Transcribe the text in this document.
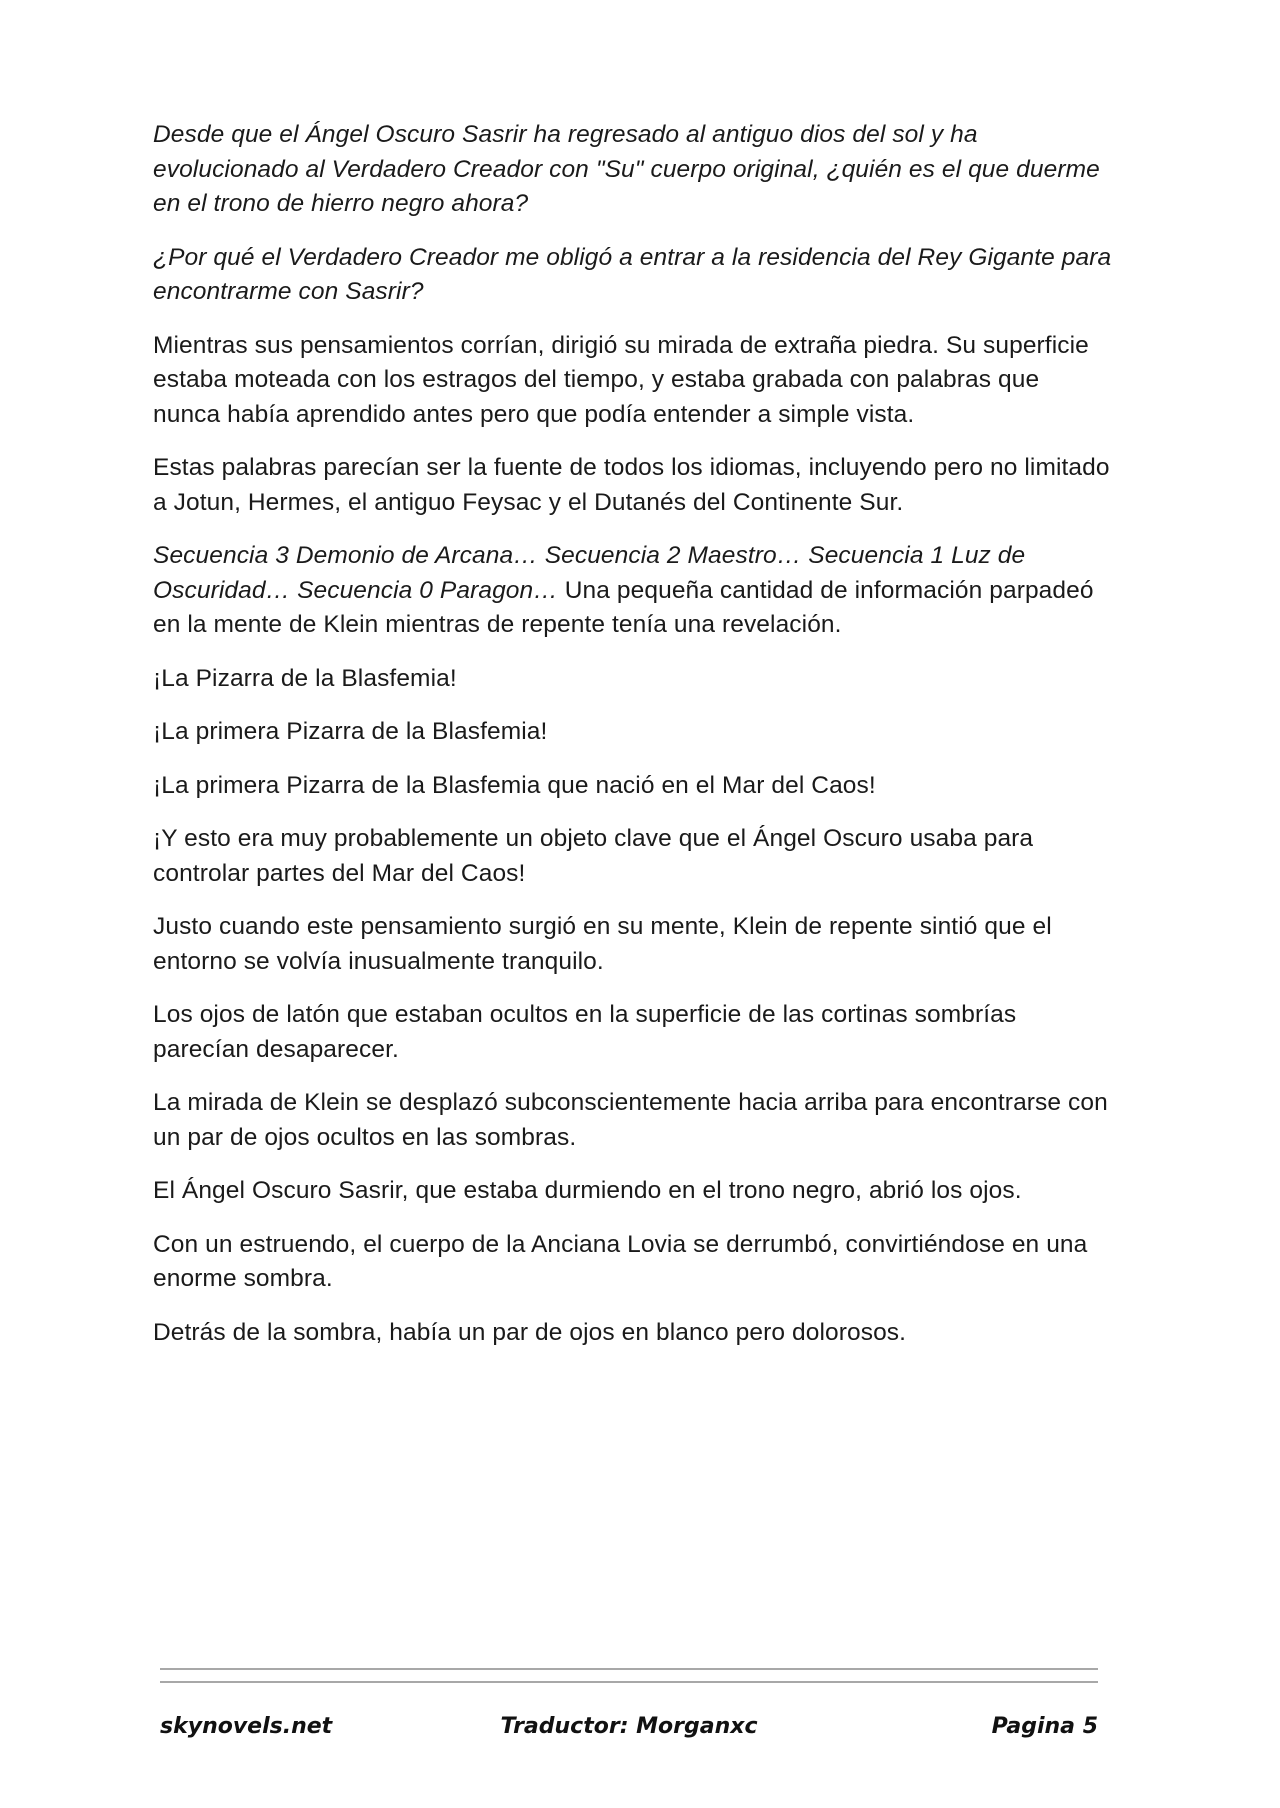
Desde que el Ángel Oscuro Sasrir ha regresado al antiguo dios del sol y ha evolucionado al Verdadero Creador con "Su" cuerpo original, ¿quién es el que duerme en el trono de hierro negro ahora?

¿Por qué el Verdadero Creador me obligó a entrar a la residencia del Rey Gigante para encontrarme con Sasrir?

Mientras sus pensamientos corrían, dirigió su mirada de extraña piedra. Su superficie estaba moteada con los estragos del tiempo, y estaba grabada con palabras que nunca había aprendido antes pero que podía entender a simple vista.

Estas palabras parecían ser la fuente de todos los idiomas, incluyendo pero no limitado a Jotun, Hermes, el antiguo Feysac y el Dutanés del Continente Sur.

Secuencia 3 Demonio de Arcana… Secuencia 2 Maestro… Secuencia 1 Luz de Oscuridad… Secuencia 0 Paragon… Una pequeña cantidad de información parpadeó en la mente de Klein mientras de repente tenía una revelación.

¡La Pizarra de la Blasfemia!

¡La primera Pizarra de la Blasfemia!

¡La primera Pizarra de la Blasfemia que nació en el Mar del Caos!

¡Y esto era muy probablemente un objeto clave que el Ángel Oscuro usaba para controlar partes del Mar del Caos!

Justo cuando este pensamiento surgió en su mente, Klein de repente sintió que el entorno se volvía inusualmente tranquilo.

Los ojos de latón que estaban ocultos en la superficie de las cortinas sombrías parecían desaparecer.

La mirada de Klein se desplazó subconscientemente hacia arriba para encontrarse con un par de ojos ocultos en las sombras.

El Ángel Oscuro Sasrir, que estaba durmiendo en el trono negro, abrió los ojos.

Con un estruendo, el cuerpo de la Anciana Lovia se derrumbó, convirtiéndose en una enorme sombra.

Detrás de la sombra, había un par de ojos en blanco pero dolorosos.

skynovels.net	Traductor: Morganxc	Pagina 5
